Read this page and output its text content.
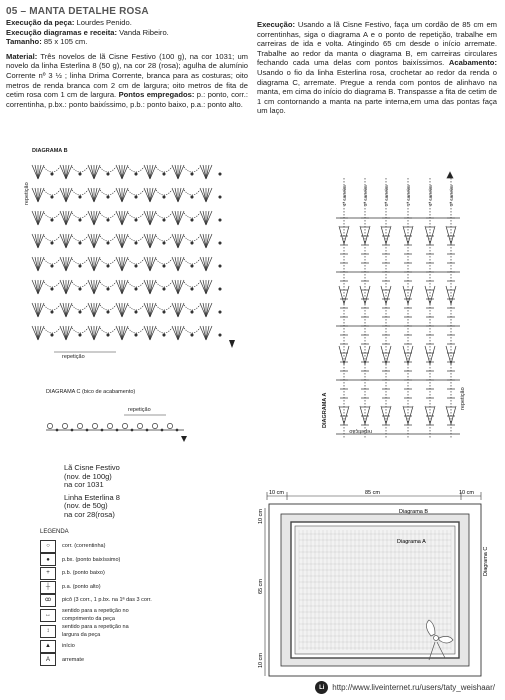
05 – MANTA DETALHE ROSA

Execução da peça: Lourdes Penido.

Execução diagramas e receita: Vanda Ribeiro.

Tamanho: 85 x 105 cm.

Material: Três novelos de lã Cisne Festivo (100 g), na cor 1031; um novelo da linha Esterlina 8 (50 g), na cor 28 (rosa); agulha de alumínio Corrente nº 3 ½ ; linha Drima Corrente, branca para as costuras; oito metros de renda branca com 2 cm de largura; oito metros de fita de cetim rosa com 1 cm de largura. Pontos empregados: p.: ponto, corr.: correntinha, p.bx.: ponto baixíssimo, p.b.: ponto baixo, p.a.: ponto alto.

Execução: Usando a lã Cisne Festivo, faça um cordão de 85 cm em correntinhas, siga o diagrama A e o ponto de repetição, trabalhe em carreiras de ida e volta. Atingindo 65 cm desde o início arremate. Trabalhe ao redor da manta o diagrama B, em carreiras circulares fechando cada uma delas com pontos baixíssimos. Acabamento: Usando o fio da linha Esterlina rosa, crochetar ao redor da renda o diagrama C, arremate. Pregue a renda com pontos de alinhavo na manta, em cima do início do diagrama B. Transpasse a fita de cetim de 1 cm contornando a manta na parte interna,em uma das pontas faça um laço.

DIAGRAMA B
repetição
repetição
4ª carreira	3ª carreira	2ª carreira	1ª carreira	4ª carreira	3ª carreira
DIAGRAMA A	repetição
repetição
DIAGRAMA C (bico de acabamento)
repetição
Lã Cisne Festivo
(nov. de 100g)
na cor 1031
Linha Esterlina 8
(nov. de 50g)
na cor 28(rosa)
LEGENDA
○	corr. (correntinha)
●	p.bx. (ponto baixíssimo)
+	p.b. (ponto baixo)
┼	p.a. (ponto alto)
ꝏ	picô (3 corr., 1 p.bx. na 1ª das 3 corr.
↔
sentido para a repetição no comprimento da peça
↕
sentido para a repetição na largura da peça
▲	início
A	arremate
10 cm	85 cm	10 cm
10 cm
65 cm
10 cm
Diagrama B
Diagrama A
Diagrama C
Li http://www.liveinternet.ru/users/taty_weishaar/
